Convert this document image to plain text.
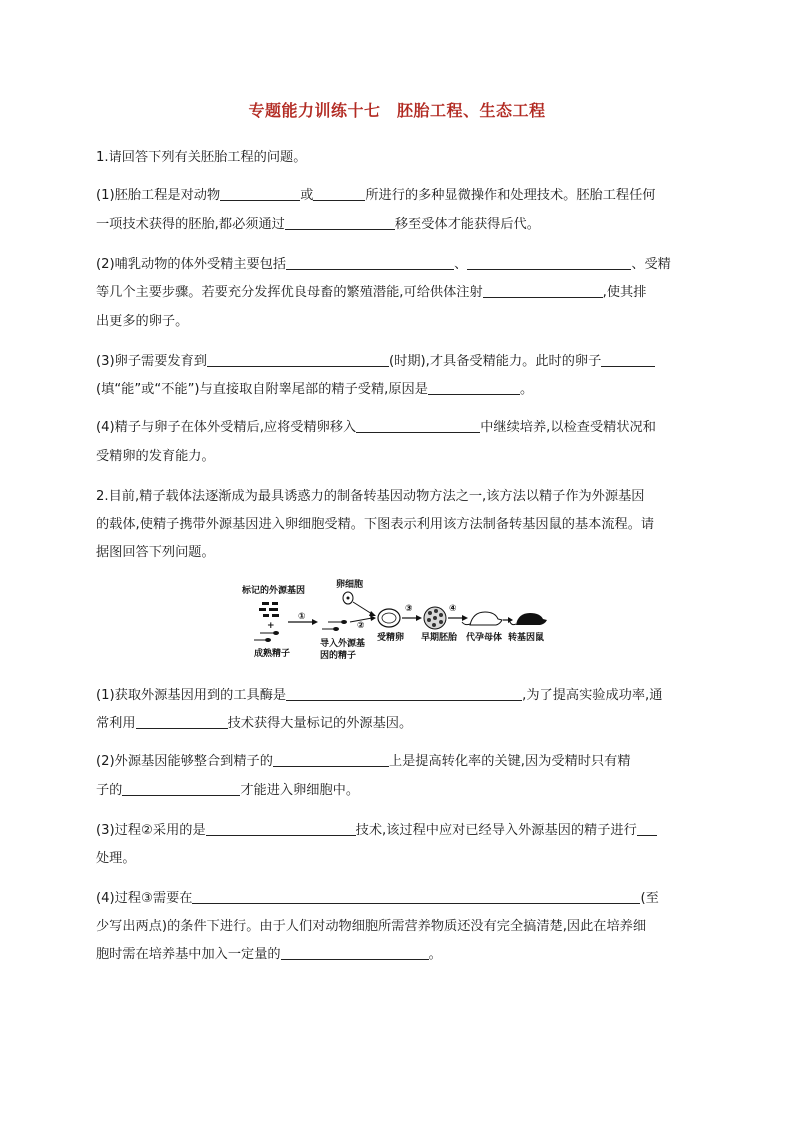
专题能力训练十七　胚胎工程、生态工程
1.请回答下列有关胚胎工程的问题。
(1)胚胎工程是对动物	或	所进行的多种显微操作和处理技术。胚胎工程任何
一项技术获得的胚胎,都必须通过	移至受体才能获得后代。
(2)哺乳动物的体外受精主要包括	、	、受精
等几个主要步骤。若要充分发挥优良母畜的繁殖潜能,可给供体注射	,使其排
出更多的卵子。
(3)卵子需要发育到	(时期),才具备受精能力。此时的卵子
(填“能”或“不能”)与直接取自附睾尾部的精子受精,原因是	。
(4)精子与卵子在体外受精后,应将受精卵移入	中继续培养,以检查受精状况和
受精卵的发育能力。
2.目前,精子载体法逐渐成为最具诱惑力的制备转基因动物方法之一,该方法以精子作为外源基因
的载体,使精子携带外源基因进入卵细胞受精。下图表示利用该方法制备转基因鼠的基本流程。请
据图回答下列问题。
标记的外源基因
+
成熟精子
①
导入外源基
因的精子
卵细胞
②
受精卵
③
早期胚胎
④
代孕母体 转基因鼠
(1)获取外源基因用到的工具酶是	,为了提高实验成功率,通
常利用	技术获得大量标记的外源基因。
(2)外源基因能够整合到精子的	上是提高转化率的关键,因为受精时只有精
子的	才能进入卵细胞中。
(3)过程②采用的是	技术,该过程中应对已经导入外源基因的精子进行
处理。
(4)过程③需要在	(至
少写出两点)的条件下进行。由于人们对动物细胞所需营养物质还没有完全搞清楚,因此在培养细
胞时需在培养基中加入一定量的	。
